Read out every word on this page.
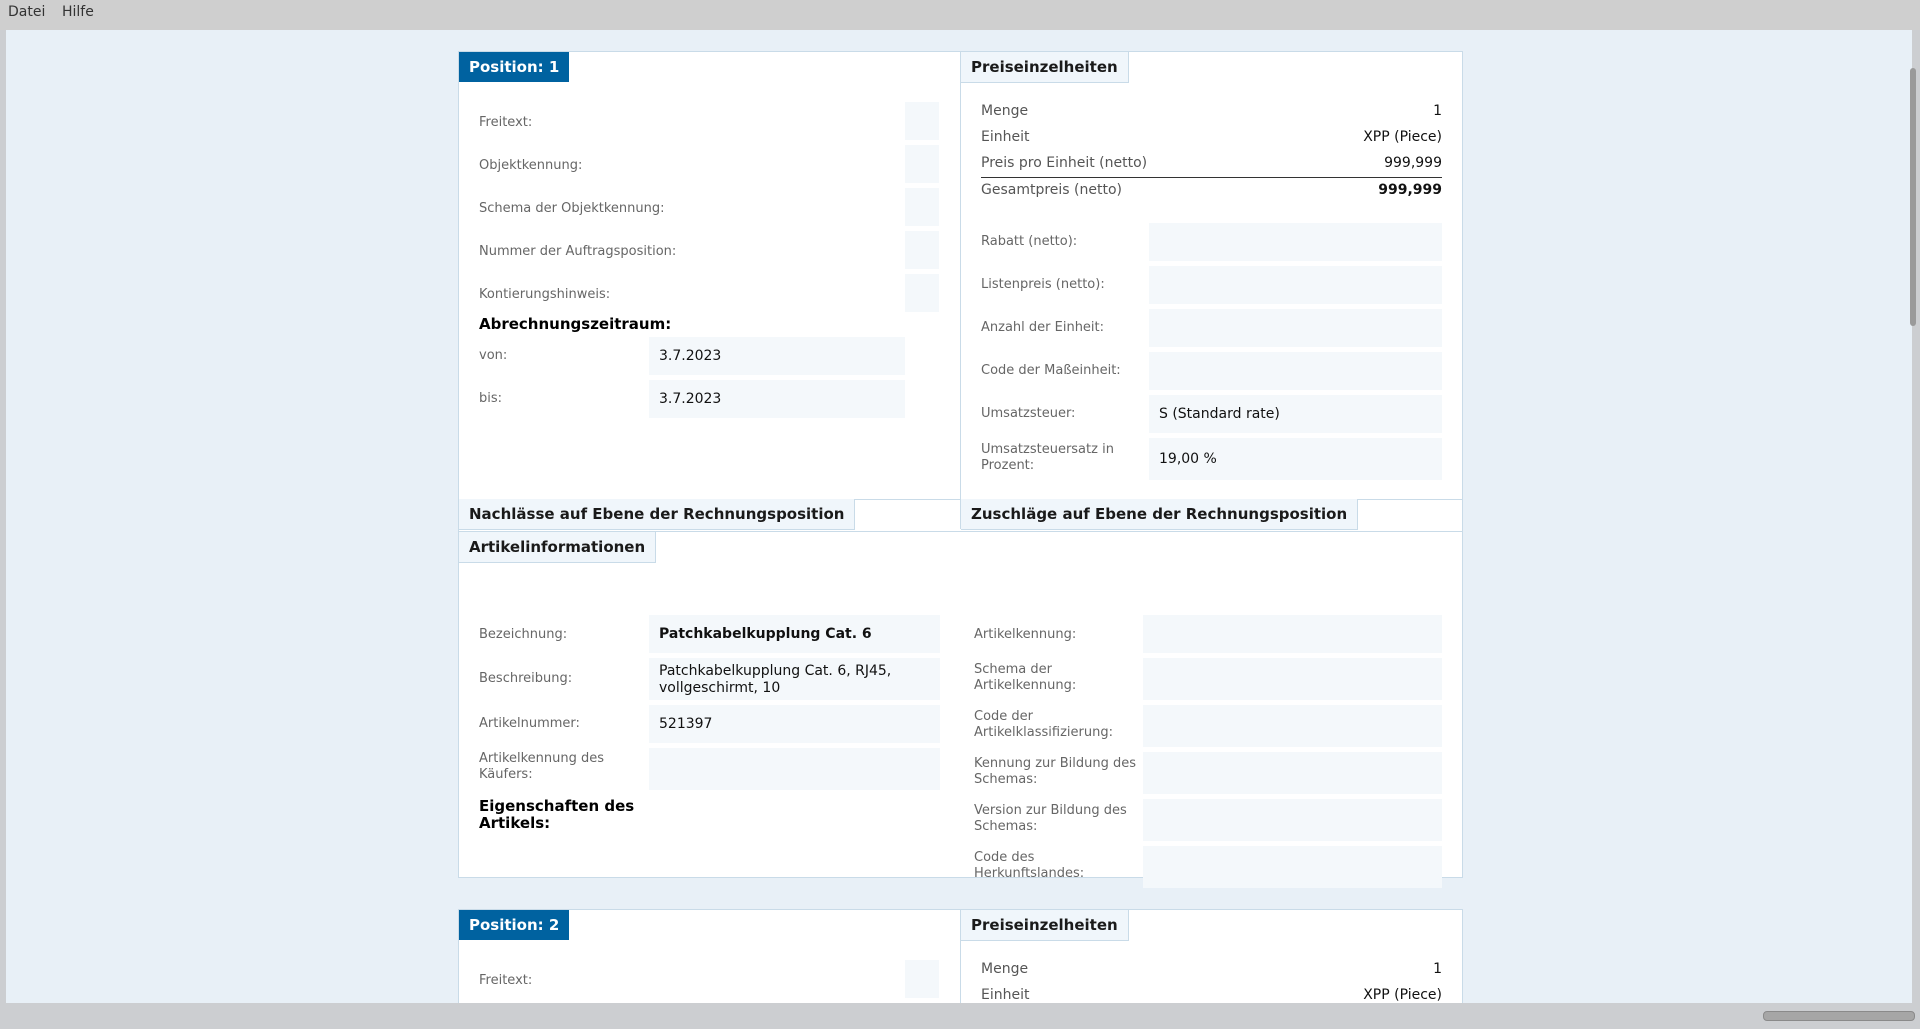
Datei Hilfe
Position: 1	Preiseinzelheiten
Freitext:
Objektkennung:
Schema der Objektkennung:
Nummer der Auftragsposition:
Kontierungshinweis:
Abrechnungszeitraum:
von:	3.7.2023
bis:	3.7.2023
Menge	1
Einheit	XPP (Piece)
Preis pro Einheit (netto)	999,999
Gesamtpreis (netto)	999,999
Rabatt (netto):
Listenpreis (netto):
Anzahl der Einheit:
Code der Maßeinheit:
Umsatzsteuer:	S (Standard rate)
Umsatzsteuersatz in Prozent:	19,00 %
Nachlässe auf Ebene der Rechnungsposition	Zuschläge auf Ebene der Rechnungsposition
Artikelinformationen
Bezeichnung:	Patchkabelkupplung Cat. 6
Beschreibung:	Patchkabelkupplung Cat. 6, RJ45, vollgeschirmt, 10
Artikelnummer:	521397
Artikelkennung des Käufers:
Eigenschaften des Artikels:
Artikelkennung:
Schema der Artikelkennung:
Code der Artikelklassifizierung:
Kennung zur Bildung des Schemas:
Version zur Bildung des Schemas:
Code des Herkunftslandes:
Position: 2	Preiseinzelheiten
Freitext:
Menge	1
Einheit	XPP (Piece)
